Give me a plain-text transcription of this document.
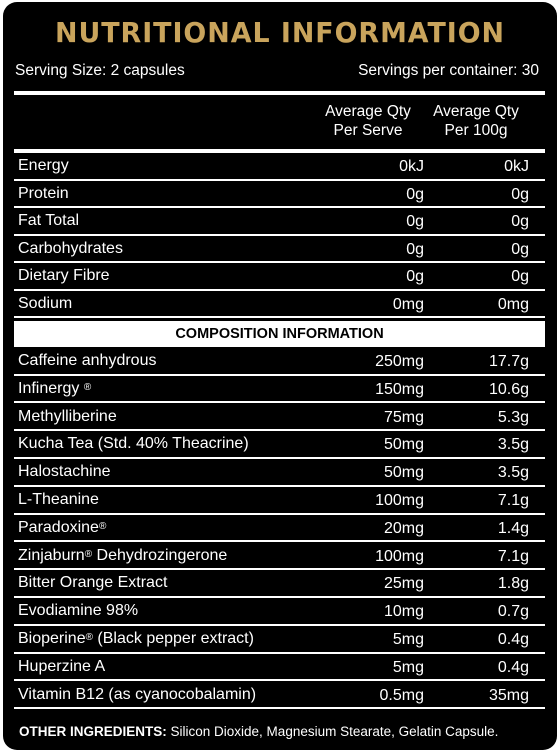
NUTRITIONAL INFORMATION
Serving Size: 2 capsules	Servings per container: 30
Average Qty
Per Serve
Average Qty
Per 100g
Energy	0kJ	0kJ
Protein	0g	0g
Fat Total	0g	0g
Carbohydrates	0g	0g
Dietary Fibre	0g	0g
Sodium	0mg	0mg
COMPOSITION INFORMATION
Caffeine anhydrous	250mg	17.7g
Infinergy ®	150mg	10.6g
Methylliberine	75mg	5.3g
Kucha Tea (Std. 40% Theacrine)	50mg	3.5g
Halostachine	50mg	3.5g
L-Theanine	100mg	7.1g
Paradoxine®	20mg	1.4g
Zinjaburn® Dehydrozingerone	100mg	7.1g
Bitter Orange Extract	25mg	1.8g
Evodiamine 98%	10mg	0.7g
Bioperine® (Black pepper extract)	5mg	0.4g
Huperzine A	5mg	0.4g
Vitamin B12 (as cyanocobalamin)	0.5mg	35mg
OTHER INGREDIENTS: Silicon Dioxide, Magnesium Stearate, Gelatin Capsule.
